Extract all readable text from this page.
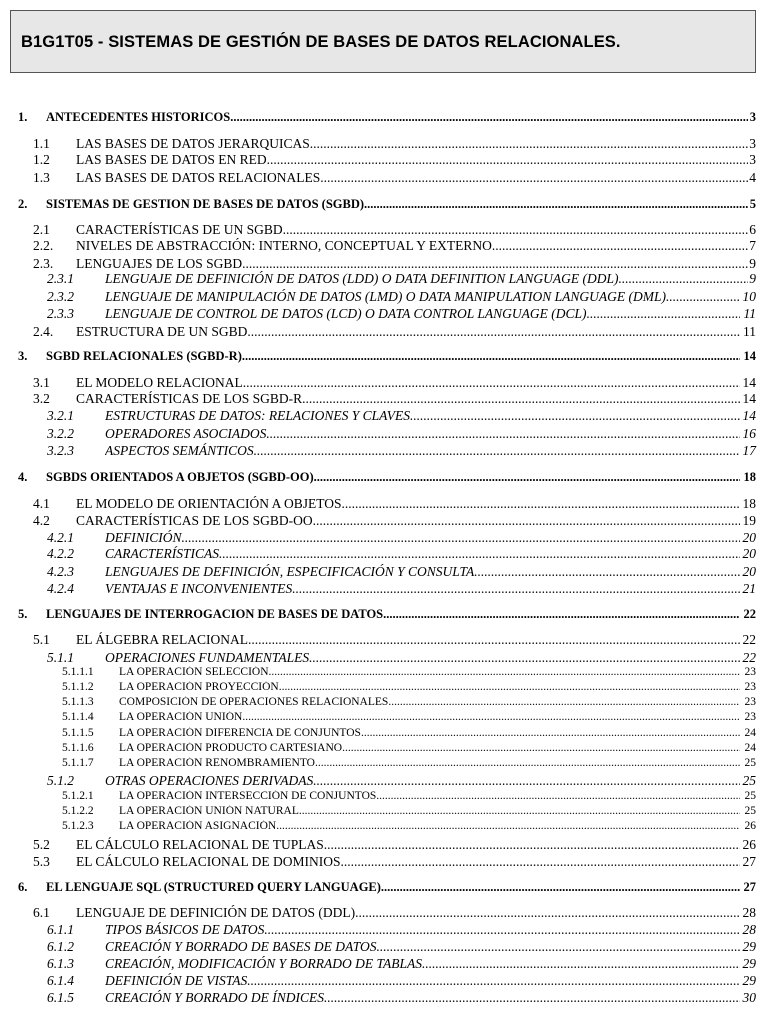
B1G1T05 - SISTEMAS DE GESTIÓN DE BASES DE DATOS RELACIONALES.
1. ANTECEDENTES HISTORICOS .....	3
1.1 LAS BASES DE DATOS JERARQUICAS .....	3
1.2 LAS BASES DE DATOS EN RED .....	3
1.3 LAS BASES DE DATOS RELACIONALES .....	4
2. SISTEMAS DE GESTION DE BASES DE DATOS (SGBD) .....	5
2.1 CARACTERÍSTICAS DE UN SGBD .....	6
2.2. NIVELES DE ABSTRACCIÓN: INTERNO, CONCEPTUAL Y EXTERNO .....	7
2.3. LENGUAJES DE LOS SGBD .....	9
2.3.1 LENGUAJE DE DEFINICIÓN DE DATOS (LDD) O DATA DEFINITION LANGUAGE (DDL) .....	9
2.3.2 LENGUAJE DE MANIPULACIÓN DE DATOS (LMD) O DATA MANIPULATION LANGUAGE (DML) .....	10
2.3.3 LENGUAJE DE CONTROL DE DATOS (LCD) O DATA CONTROL LANGUAGE (DCL) .....	11
2.4. ESTRUCTURA DE UN SGBD .....	11
3. SGBD RELACIONALES (SGBD-R) .....	14
3.1 EL MODELO RELACIONAL .....	14
3.2 CARACTERÍSTICAS DE LOS SGBD-R .....	14
3.2.1 ESTRUCTURAS DE DATOS: RELACIONES Y CLAVES .....	14
3.2.2 OPERADORES ASOCIADOS .....	16
3.2.3 ASPECTOS SEMÁNTICOS .....	17
4. SGBDS ORIENTADOS A OBJETOS (SGBD-OO) .....	18
4.1 EL MODELO DE ORIENTACIÓN A OBJETOS .....	18
4.2 CARACTERÍSTICAS DE LOS SGBD-OO .....	19
4.2.1 DEFINICIÓN .....	20
4.2.2 CARACTERÍSTICAS .....	20
4.2.3 LENGUAJES DE DEFINICIÓN, ESPECIFICACIÓN Y CONSULTA .....	20
4.2.4 VENTAJAS E INCONVENIENTES .....	21
5. LENGUAJES DE INTERROGACION DE BASES DE DATOS .....	22
5.1 EL ÁLGEBRA RELACIONAL .....	22
5.1.1 OPERACIONES FUNDAMENTALES .....	22
5.1.1.1 LA OPERACIÓN SELECCIÓN .....	23
5.1.1.2 LA OPERACIÓN PROYECCIÓN .....	23
5.1.1.3 COMPOSICIÓN DE OPERACIONES RELACIONALES .....	23
5.1.1.4 LA OPERACIÓN UNIÓN .....	23
5.1.1.5 LA OPERACIÓN DIFERENCIA DE CONJUNTOS .....	24
5.1.1.6 LA OPERACIÓN PRODUCTO CARTESIANO .....	24
5.1.1.7 LA OPERACIÓN RENOMBRAMIENTO .....	25
5.1.2 OTRAS OPERACIONES DERIVADAS .....	25
5.1.2.1 LA OPERACIÓN INTERSECCIÓN DE CONJUNTOS .....	25
5.1.2.2 LA OPERACIÓN UNIÓN NATURAL .....	25
5.1.2.3 LA OPERACIÓN ASIGNACIÓN .....	26
5.2 EL CÁLCULO RELACIONAL DE TUPLAS .....	26
5.3 EL CÁLCULO RELACIONAL DE DOMINIOS .....	27
6. EL LENGUAJE SQL (STRUCTURED QUERY LANGUAGE) .....	27
6.1 LENGUAJE DE DEFINICIÓN DE DATOS (DDL) .....	28
6.1.1 TIPOS BÁSICOS DE DATOS .....	28
6.1.2 CREACIÓN Y BORRADO DE BASES DE DATOS .....	29
6.1.3 CREACIÓN, MODIFICACIÓN Y BORRADO DE TABLAS .....	29
6.1.4 DEFINICIÓN DE VISTAS .....	29
6.1.5 CREACIÓN Y BORRADO DE ÍNDICES .....	30
